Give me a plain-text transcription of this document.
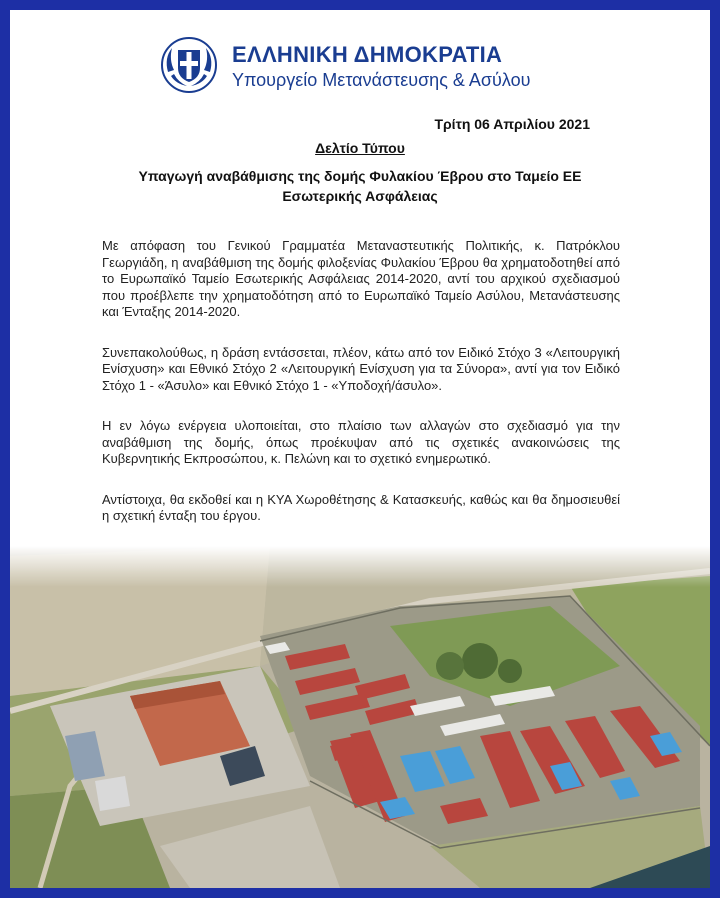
ΕΛΛΗΝΙΚΗ ΔΗΜΟΚΡΑΤΙΑ
Υπουργείο Μετανάστευσης & Ασύλου
Τρίτη 06 Απριλίου 2021
Δελτίο Τύπου
Υπαγωγή αναβάθμισης της δομής Φυλακίου Έβρου στο Ταμείο ΕΕ Εσωτερικής Ασφάλειας

Με απόφαση του Γενικού Γραμματέα Μεταναστευτικής Πολιτικής, κ. Πατρόκλου Γεωργιάδη, η αναβάθμιση της δομής φιλοξενίας Φυλακίου Έβρου θα χρηματοδοτηθεί από το Ευρωπαϊκό Ταμείο Εσωτερικής Ασφάλειας 2014-2020, αντί του αρχικού σχεδιασμού που προέβλεπε την χρηματοδότηση από το Ευρωπαϊκό Ταμείο Ασύλου, Μετανάστευσης και Ένταξης 2014-2020.

Συνεπακολούθως, η δράση εντάσσεται, πλέον, κάτω από τον Ειδικό Στόχο 3 «Λειτουργική Ενίσχυση» και Εθνικό Στόχο 2 «Λειτουργική Ενίσχυση για τα Σύνορα», αντί για τον Ειδικό Στόχο 1 - «Άσυλο» και Εθνικό Στόχο 1 - «Υποδοχή/άσυλο».

Η εν λόγω ενέργεια υλοποιείται, στο πλαίσιο των αλλαγών στο σχεδιασμό για την αναβάθμιση της δομής, όπως προέκυψαν από τις σχετικές ανακοινώσεις της Κυβερνητικής Εκπροσώπου, κ. Πελώνη και το σχετικό ενημερωτικό.

Αντίστοιχα, θα εκδοθεί και η ΚΥΑ Χωροθέτησης & Κατασκευής, καθώς και θα δημοσιευθεί η σχετική ένταξη του έργου.
